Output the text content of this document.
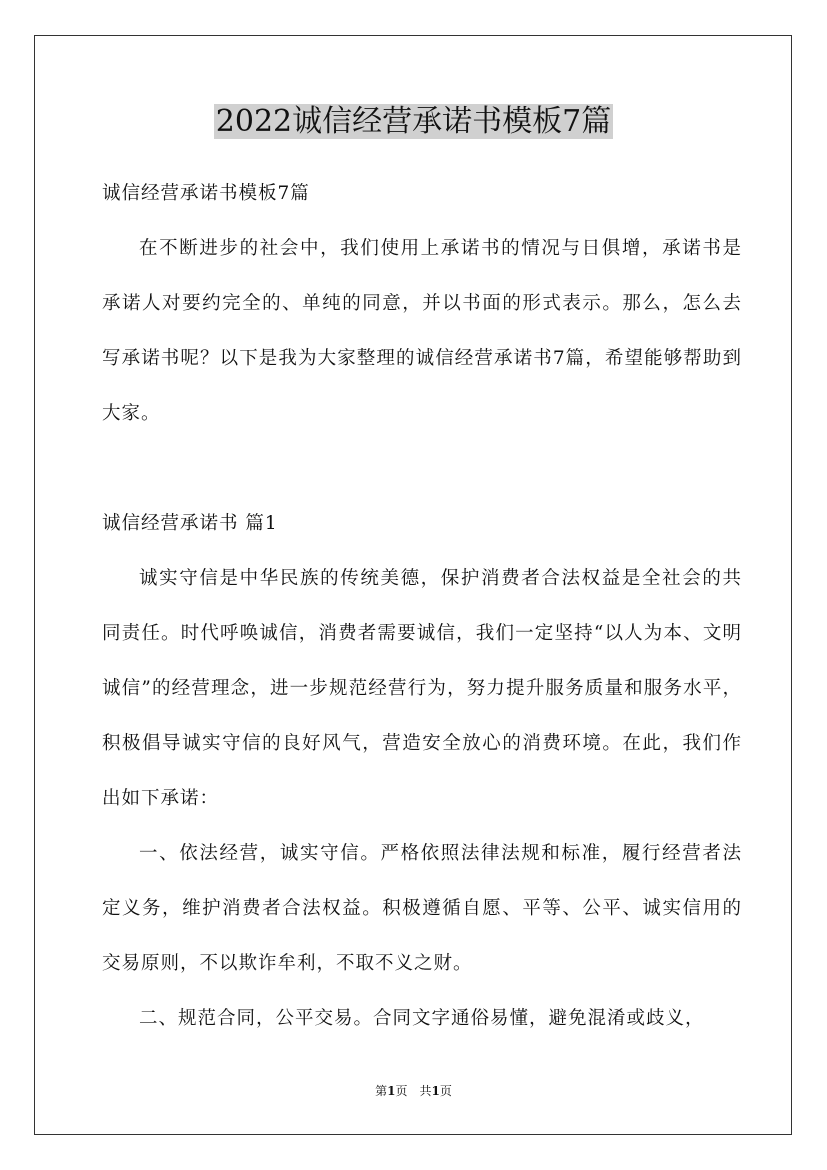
2022诚信经营承诺书模板7篇

诚信经营承诺书模板7篇

在不断进步的社会中，我们使用上承诺书的情况与日俱增，承诺书是承诺人对要约完全的、单纯的同意，并以书面的形式表示。那么，怎么去写承诺书呢？以下是我为大家整理的诚信经营承诺书7篇，希望能够帮助到大家。

诚信经营承诺书 篇1

诚实守信是中华民族的传统美德，保护消费者合法权益是全社会的共同责任。时代呼唤诚信，消费者需要诚信，我们一定坚持“以人为本、文明诚信”的经营理念，进一步规范经营行为，努力提升服务质量和服务水平，积极倡导诚实守信的良好风气，营造安全放心的消费环境。在此，我们作出如下承诺：

一、依法经营，诚实守信。严格依照法律法规和标准，履行经营者法定义务，维护消费者合法权益。积极遵循自愿、平等、公平、诚实信用的交易原则，不以欺诈牟利，不取不义之财。

二、规范合同，公平交易。合同文字通俗易懂，避免混淆或歧义，

第1页　共1页
